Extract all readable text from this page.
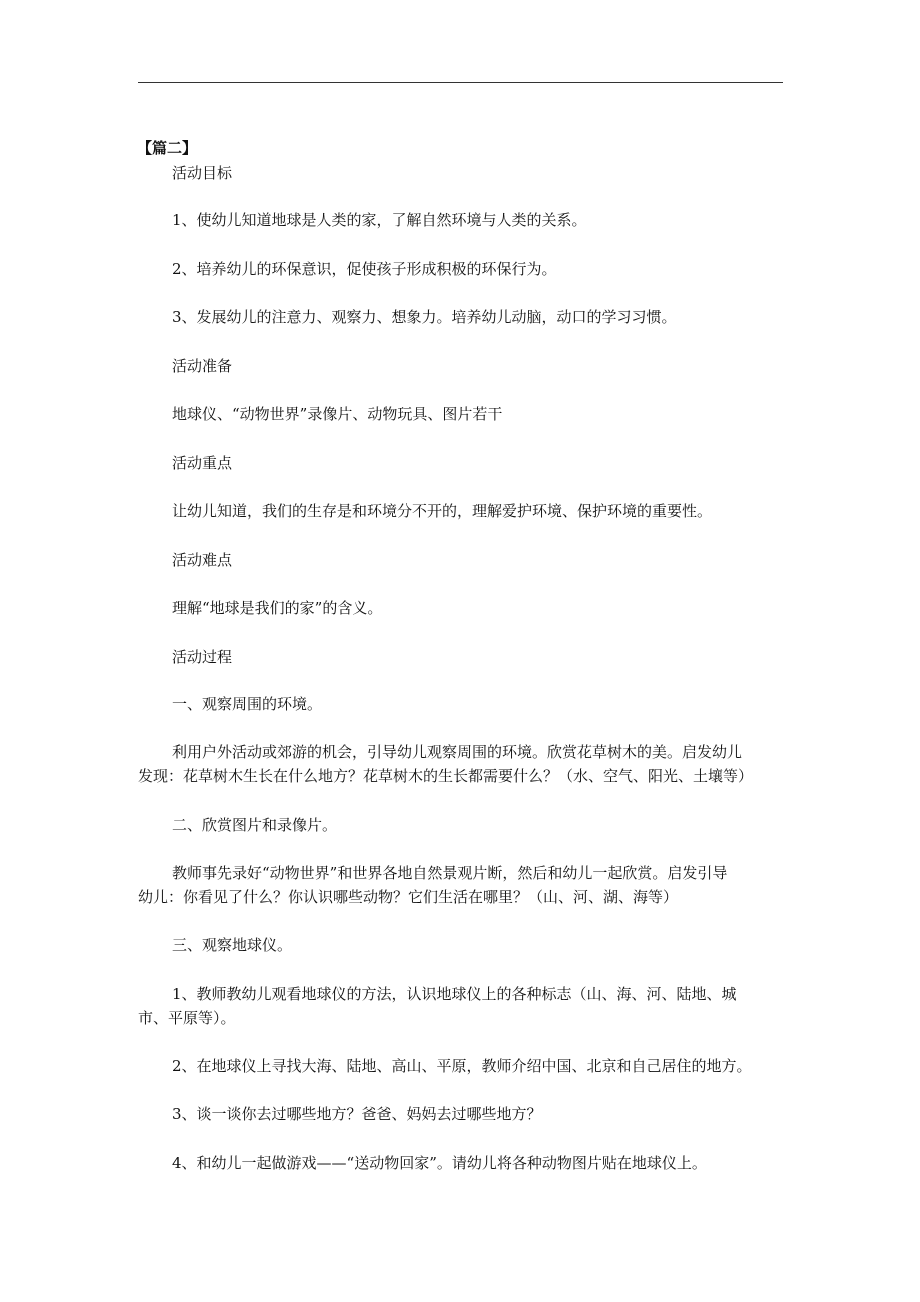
【篇二】
活动目标
1、使幼儿知道地球是人类的家，了解自然环境与人类的关系。
2、培养幼儿的环保意识，促使孩子形成积极的环保行为。
3、发展幼儿的注意力、观察力、想象力。培养幼儿动脑，动口的学习习惯。
活动准备
地球仪、“动物世界”录像片、动物玩具、图片若干
活动重点
让幼儿知道，我们的生存是和环境分不开的，理解爱护环境、保护环境的重要性。
活动难点
理解“地球是我们的家”的含义。
活动过程
一、观察周围的环境。
利用户外活动或郊游的机会，引导幼儿观察周围的环境。欣赏花草树木的美。启发幼儿
发现：花草树木生长在什么地方？花草树木的生长都需要什么？（水、空气、阳光、土壤等）
二、欣赏图片和录像片。
教师事先录好“动物世界”和世界各地自然景观片断，然后和幼儿一起欣赏。启发引导
幼儿：你看见了什么？你认识哪些动物？它们生活在哪里？（山、河、湖、海等）
三、观察地球仪。
1、教师教幼儿观看地球仪的方法，认识地球仪上的各种标志（山、海、河、陆地、城
市、平原等）。
2、在地球仪上寻找大海、陆地、高山、平原，教师介绍中国、北京和自己居住的地方。
3、谈一谈你去过哪些地方？爸爸、妈妈去过哪些地方？
4、和幼儿一起做游戏——“送动物回家”。请幼儿将各种动物图片贴在地球仪上。
